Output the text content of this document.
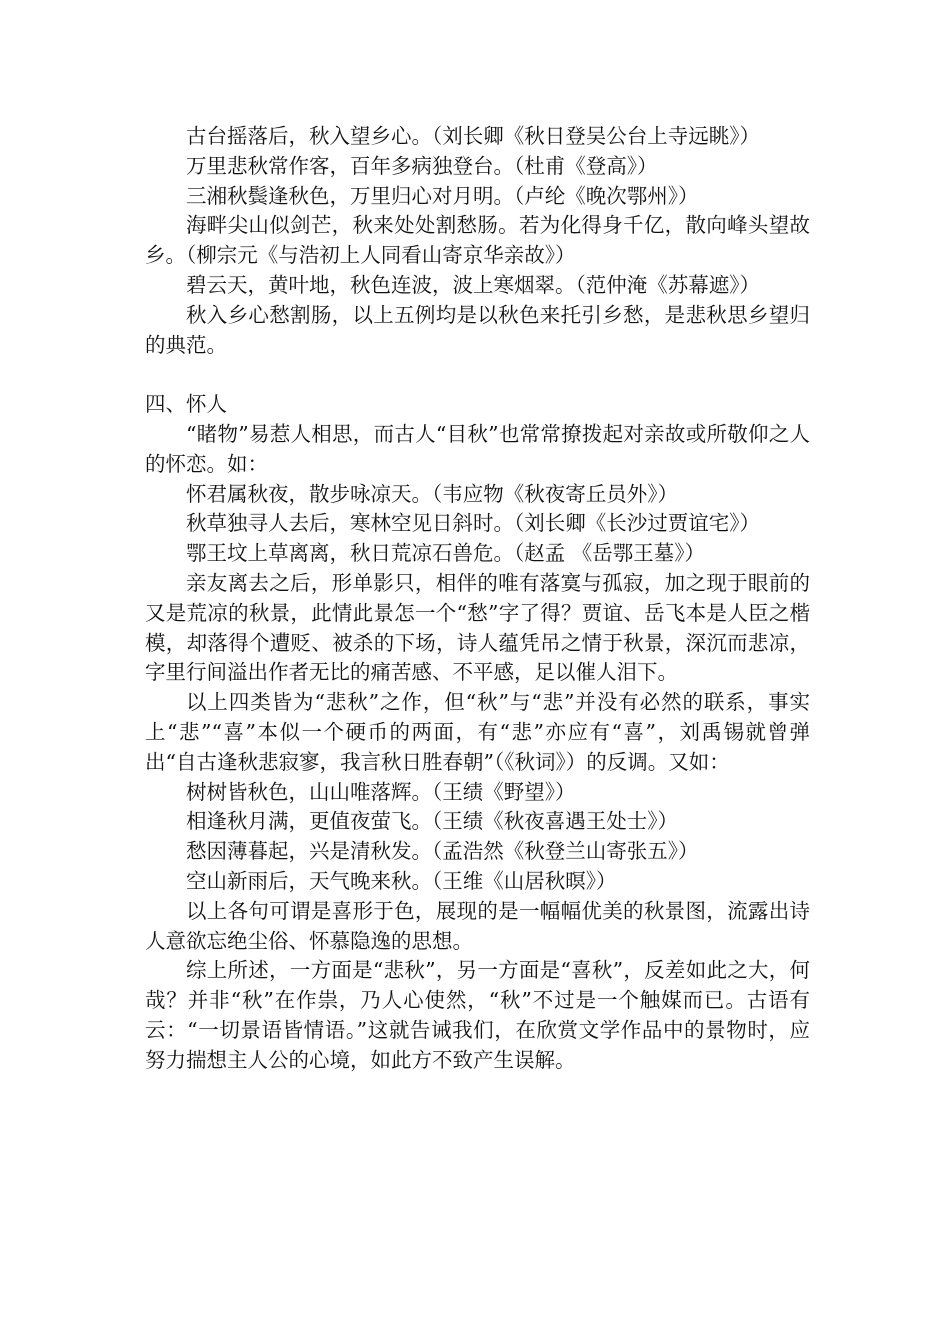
古台摇落后，秋入望乡心。（刘长卿《秋日登吴公台上寺远眺》）

万里悲秋常作客，百年多病独登台。（杜甫《登高》）

三湘秋鬓逢秋色，万里归心对月明。（卢纶《晚次鄂州》）

海畔尖山似剑芒，秋来处处割愁肠。若为化得身千亿，散向峰头望故乡。（柳宗元《与浩初上人同看山寄京华亲故》）

碧云天，黄叶地，秋色连波，波上寒烟翠。（范仲淹《苏幕遮》）

秋入乡心愁割肠，以上五例均是以秋色来托引乡愁，是悲秋思乡望归的典范。

四、怀人

“睹物”易惹人相思，而古人“目秋”也常常撩拨起对亲故或所敬仰之人的怀恋。如：

怀君属秋夜，散步咏凉天。（韦应物《秋夜寄丘员外》）

秋草独寻人去后，寒林空见日斜时。（刘长卿《长沙过贾谊宅》）

鄂王坟上草离离，秋日荒凉石兽危。（赵孟 《岳鄂王墓》）

亲友离去之后，形单影只，相伴的唯有落寞与孤寂，加之现于眼前的又是荒凉的秋景，此情此景怎一个“愁”字了得？贾谊、岳飞本是人臣之楷模，却落得个遭贬、被杀的下场，诗人蕴凭吊之情于秋景，深沉而悲凉，字里行间溢出作者无比的痛苦感、不平感，足以催人泪下。

以上四类皆为“悲秋”之作，但“秋”与“悲”并没有必然的联系，事实上“悲”“喜”本似一个硬币的两面，有“悲”亦应有“喜”，刘禹锡就曾弹出“自古逢秋悲寂寥，我言秋日胜春朝”（《秋词》）的反调。又如：

树树皆秋色，山山唯落辉。（王绩《野望》）

相逢秋月满，更值夜萤飞。（王绩《秋夜喜遇王处士》）

愁因薄暮起，兴是清秋发。（孟浩然《秋登兰山寄张五》）

空山新雨后，天气晚来秋。（王维《山居秋暝》）

以上各句可谓是喜形于色，展现的是一幅幅优美的秋景图，流露出诗人意欲忘绝尘俗、怀慕隐逸的思想。

综上所述，一方面是“悲秋”，另一方面是“喜秋”，反差如此之大，何哉？并非“秋”在作祟，乃人心使然，“秋”不过是一个触媒而已。古语有云：“一切景语皆情语。”这就告诫我们，在欣赏文学作品中的景物时，应努力揣想主人公的心境，如此方不致产生误解。
